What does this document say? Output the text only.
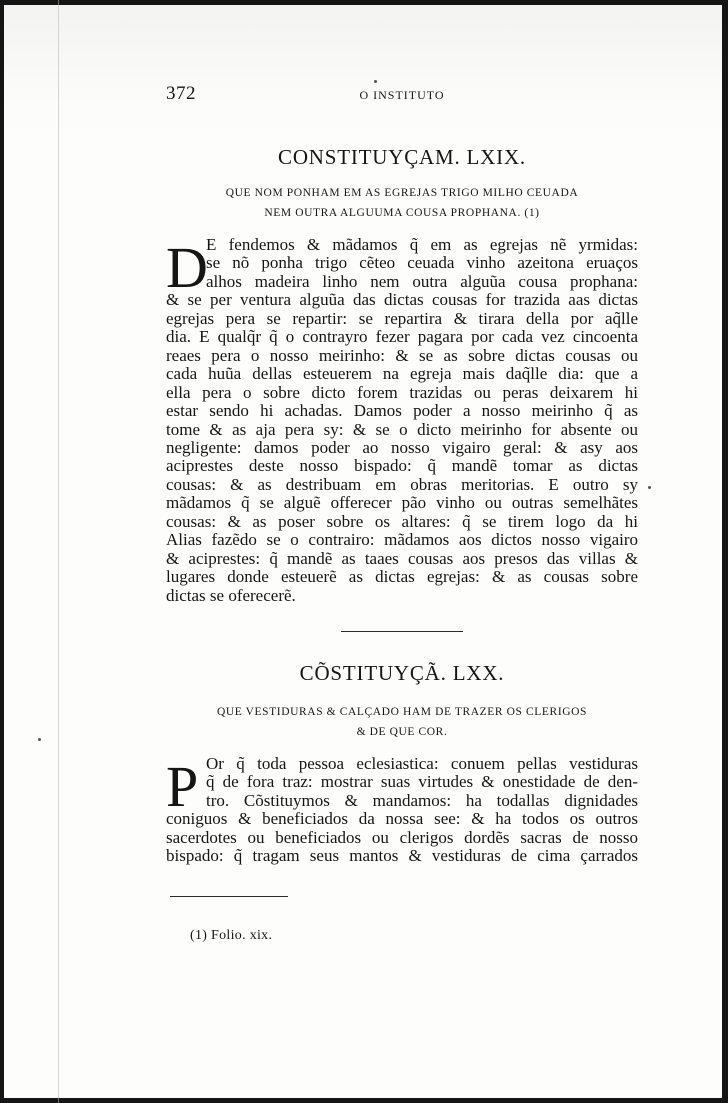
372	O INSTITUTO
CONSTITUYÇAM. LXIX.
QUE NOM PONHAM EM AS EGREJAS TRIGO MILHO CEUADA
NEM OUTRA ALGUUMA COUSA PROPHANA. (1)
D
E fendemos & mãdamos q̃ em as egrejas nẽ yrmidas:
se nõ ponha trigo cẽteo ceuada vinho azeitona eruaços
alhos madeira linho nem outra alguũa cousa prophana:
& se per ventura alguũa das dictas cousas for trazida aas dictas
egrejas pera se repartir: se repartira & tirara della por aq̃lle
dia. E qualq̃r q̃ o contrayro fezer pagara por cada vez cincoenta
reaes pera o nosso meirinho: & se as sobre dictas cousas ou
cada huũa dellas esteuerem na egreja mais daq̃lle dia: que a
ella pera o sobre dicto forem trazidas ou peras deixarem hi
estar sendo hi achadas. Damos poder a nosso meirinho q̃ as
tome & as aja pera sy: & se o dicto meirinho for absente ou
negligente: damos poder ao nosso vigairo geral: & asy aos
aciprestes deste nosso bispado: q̃ mandẽ tomar as dictas
cousas: & as destribuam em obras meritorias. E outro sy
mãdamos q̃ se alguẽ offerecer pão vinho ou outras semelhãtes
cousas: & as poser sobre os altares: q̃ se tirem logo da hi
Alias fazẽdo se o contrairo: mãdamos aos dictos nosso vigairo
& aciprestes: q̃ mandẽ as taaes cousas aos presos das villas &
lugares donde esteuerẽ as dictas egrejas: & as cousas sobre
dictas se oferecerẽ.
CÕSTITUYÇÃ. LXX.
QUE VESTIDURAS & CALÇADO HAM DE TRAZER OS CLERIGOS
& DE QUE COR.
P Or q̃ toda pessoa eclesiastica: conuem pellas vestiduras
q̃ de fora traz: mostrar suas virtudes & onestidade de den-
tro. Cõstituymos & mandamos: ha todallas dignidades
coniguos & beneficiados da nossa see: & ha todos os outros
sacerdotes ou beneficiados ou clerigos dordẽs sacras de nosso
bispado: q̃ tragam seus mantos & vestiduras de cima çarrados
(1) Folio. xix.
